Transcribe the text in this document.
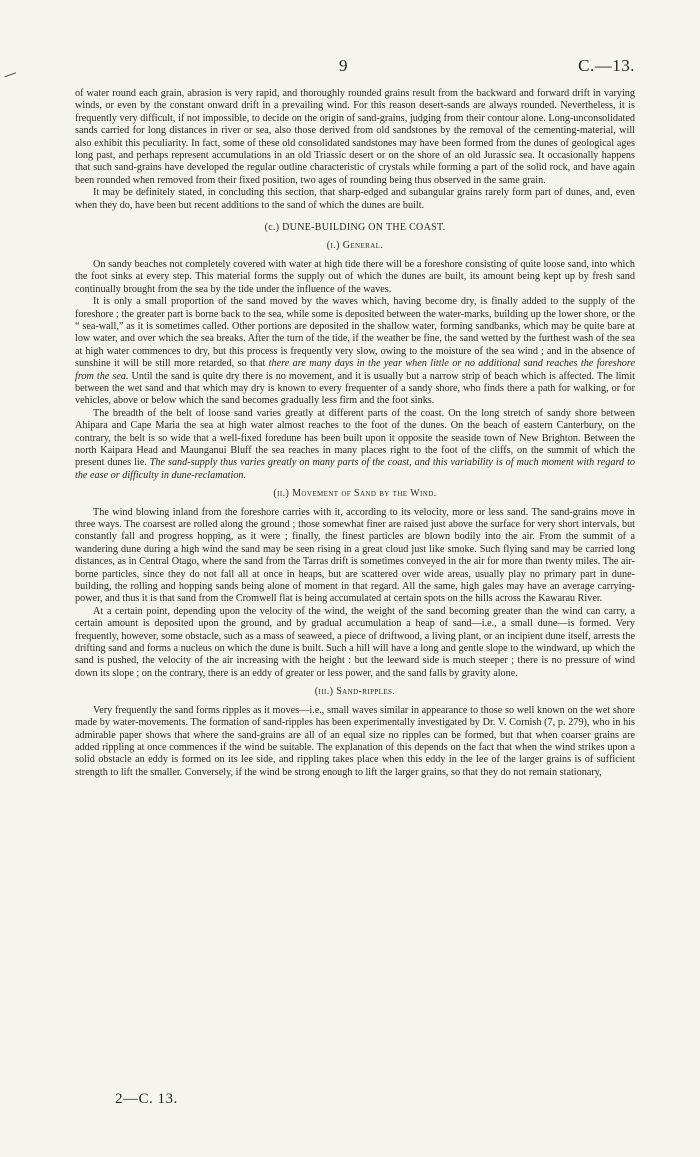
9	C.—13.

of water round each grain, abrasion is very rapid, and thoroughly rounded grains result from the backward and forward drift in varying winds, or even by the constant onward drift in a prevailing wind. For this reason desert-sands are always rounded. Nevertheless, it is frequently very difficult, if not impossible, to decide on the origin of sand-grains, judging from their contour alone. Long-unconsolidated sands carried for long distances in river or sea, also those derived from old sandstones by the removal of the cementing-material, will also exhibit this peculiarity. In fact, some of these old consolidated sandstones may have been formed from the dunes of geological ages long past, and perhaps represent accumulations in an old Triassic desert or on the shore of an old Jurassic sea. It occasionally happens that such sand-grains have developed the regular outline characteristic of crystals while forming a part of the solid rock, and have again been rounded when removed from their fixed position, two ages of rounding being thus observed in the same grain.

It may be definitely stated, in concluding this section, that sharp-edged and subangular grains rarely form part of dunes, and, even when they do, have been but recent additions to the sand of which the dunes are built.

(c.) DUNE-BUILDING ON THE COAST.
(i.) General.

On sandy beaches not completely covered with water at high tide there will be a foreshore consisting of quite loose sand, into which the foot sinks at every step. This material forms the supply out of which the dunes are built, its amount being kept up by fresh sand continually brought from the sea by the tide under the influence of the waves.

It is only a small proportion of the sand moved by the waves which, having become dry, is finally added to the supply of the foreshore ; the greater part is borne back to the sea, while some is deposited between the water-marks, building up the lower shore, or the “ sea-wall,” as it is sometimes called. Other portions are deposited in the shallow water, forming sandbanks, which may be quite bare at low water, and over which the sea breaks. After the turn of the tide, if the weather be fine, the sand wetted by the furthest wash of the sea at high water commences to dry, but this process is frequently very slow, owing to the moisture of the sea wind ; and in the absence of sunshine it will be still more retarded, so that there are many days in the year when little or no additional sand reaches the foreshore from the sea. Until the sand is quite dry there is no movement, and it is usually but a narrow strip of beach which is affected. The limit between the wet sand and that which may dry is known to every frequenter of a sandy shore, who finds there a path for walking, or for vehicles, above or below which the sand becomes gradually less firm and the foot sinks.

The breadth of the belt of loose sand varies greatly at different parts of the coast. On the long stretch of sandy shore between Ahipara and Cape Maria the sea at high water almost reaches to the foot of the dunes. On the beach of eastern Canterbury, on the contrary, the belt is so wide that a well-fixed foredune has been built upon it opposite the seaside town of New Brighton. Between the north Kaipara Head and Maunganui Bluff the sea reaches in many places right to the foot of the cliffs, on the summit of which the present dunes lie. The sand-supply thus varies greatly on many parts of the coast, and this variability is of much moment with regard to the ease or difficulty in dune-reclamation.

(ii.) Movement of Sand by the Wind.

The wind blowing inland from the foreshore carries with it, according to its velocity, more or less sand. The sand-grains move in three ways. The coarsest are rolled along the ground ; those somewhat finer are raised just above the surface for very short intervals, but constantly fall and progress hopping, as it were ; finally, the finest particles are blown bodily into the air. From the summit of a wandering dune during a high wind the sand may be seen rising in a great cloud just like smoke. Such flying sand may be carried long distances, as in Central Otago, where the sand from the Tarras drift is sometimes conveyed in the air for more than twenty miles. The air-borne particles, since they do not fall all at once in heaps, but are scattered over wide areas, usually play no primary part in dune-building, the rolling and hopping sands being alone of moment in that regard. All the same, high gales may have an average carrying-power, and thus it is that sand from the Cromwell flat is being accumulated at certain spots on the hills across the Kawarau River.

At a certain point, depending upon the velocity of the wind, the weight of the sand becoming greater than the wind can carry, a certain amount is deposited upon the ground, and by gradual accumulation a heap of sand—i.e., a small dune—is formed. Very frequently, however, some obstacle, such as a mass of seaweed, a piece of driftwood, a living plant, or an incipient dune itself, arrests the drifting sand and forms a nucleus on which the dune is built. Such a hill will have a long and gentle slope to the windward, up which the sand is pushed, the velocity of the air increasing with the height : but the leeward side is much steeper ; there is no pressure of wind down its slope ; on the contrary, there is an eddy of greater or less power, and the sand falls by gravity alone.

(iii.) Sand-ripples.

Very frequently the sand forms ripples as it moves—i.e., small waves similar in appearance to those so well known on the wet shore made by water-movements. The formation of sand-ripples has been experimentally investigated by Dr. V. Cornish (7, p. 279), who in his admirable paper shows that where the sand-grains are all of an equal size no ripples can be formed, but that when coarser grains are added rippling at once commences if the wind be suitable. The explanation of this depends on the fact that when the wind strikes upon a solid obstacle an eddy is formed on its lee side, and rippling takes place when this eddy in the lee of the larger grains is of sufficient strength to lift the smaller. Conversely, if the wind be strong enough to lift the larger grains, so that they do not remain stationary,

2—C. 13.
